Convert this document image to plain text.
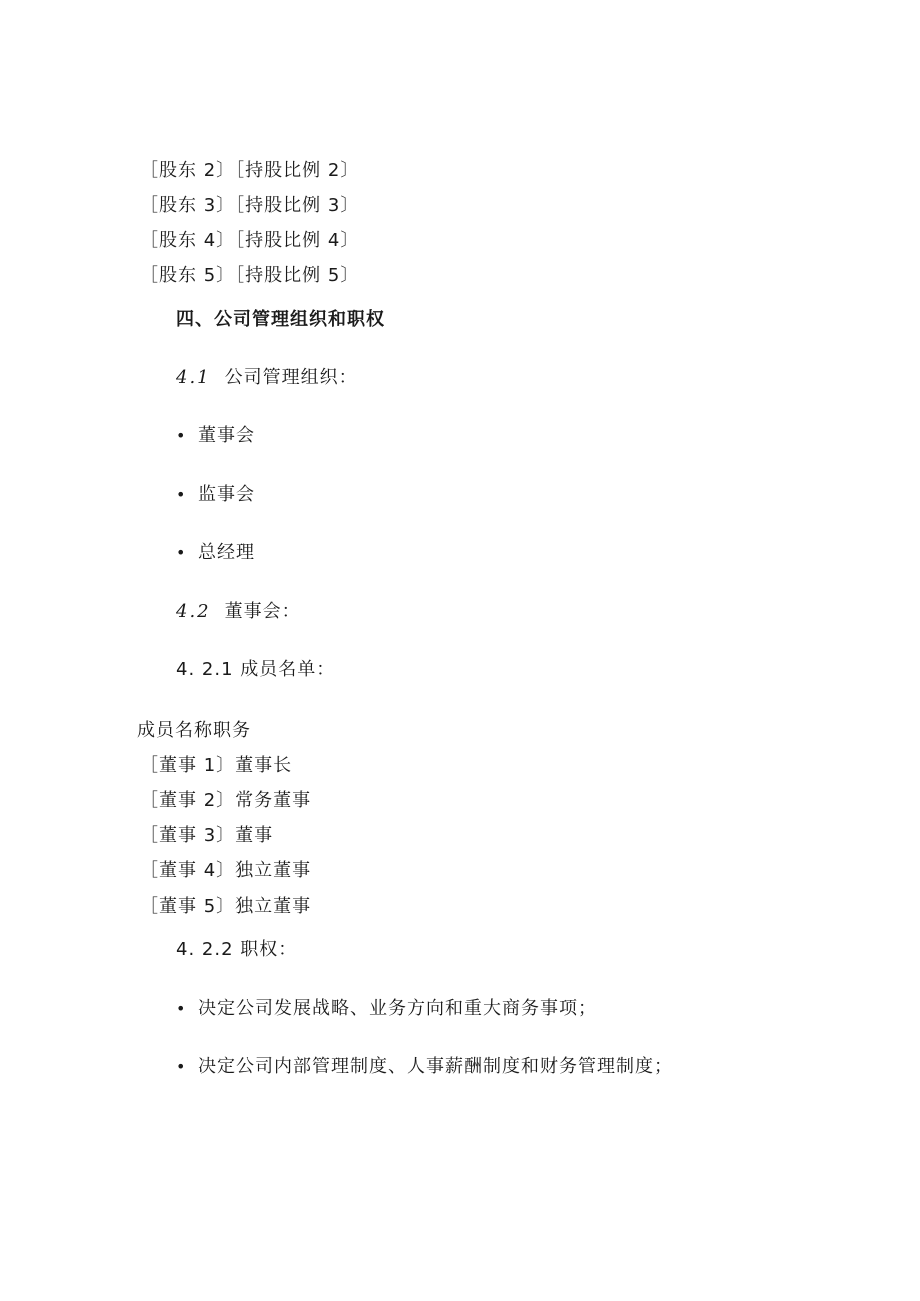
［股东 2〕［持股比例 2〕
［股东 3〕［持股比例 3〕
［股东 4〕［持股比例 4〕
［股东 5〕［持股比例 5〕
四、公司管理组织和职权
4.1 公司管理组织：
• 董事会
• 监事会
• 总经理
4.2 董事会：
4. 2.1 成员名单：
成员名称职务
［董事 1〕董事长
［董事 2〕常务董事
［董事 3〕董事
［董事 4〕独立董事
［董事 5〕独立董事
4. 2.2 职权：
• 决定公司发展战略、业务方向和重大商务事项；
• 决定公司内部管理制度、人事薪酬制度和财务管理制度；
